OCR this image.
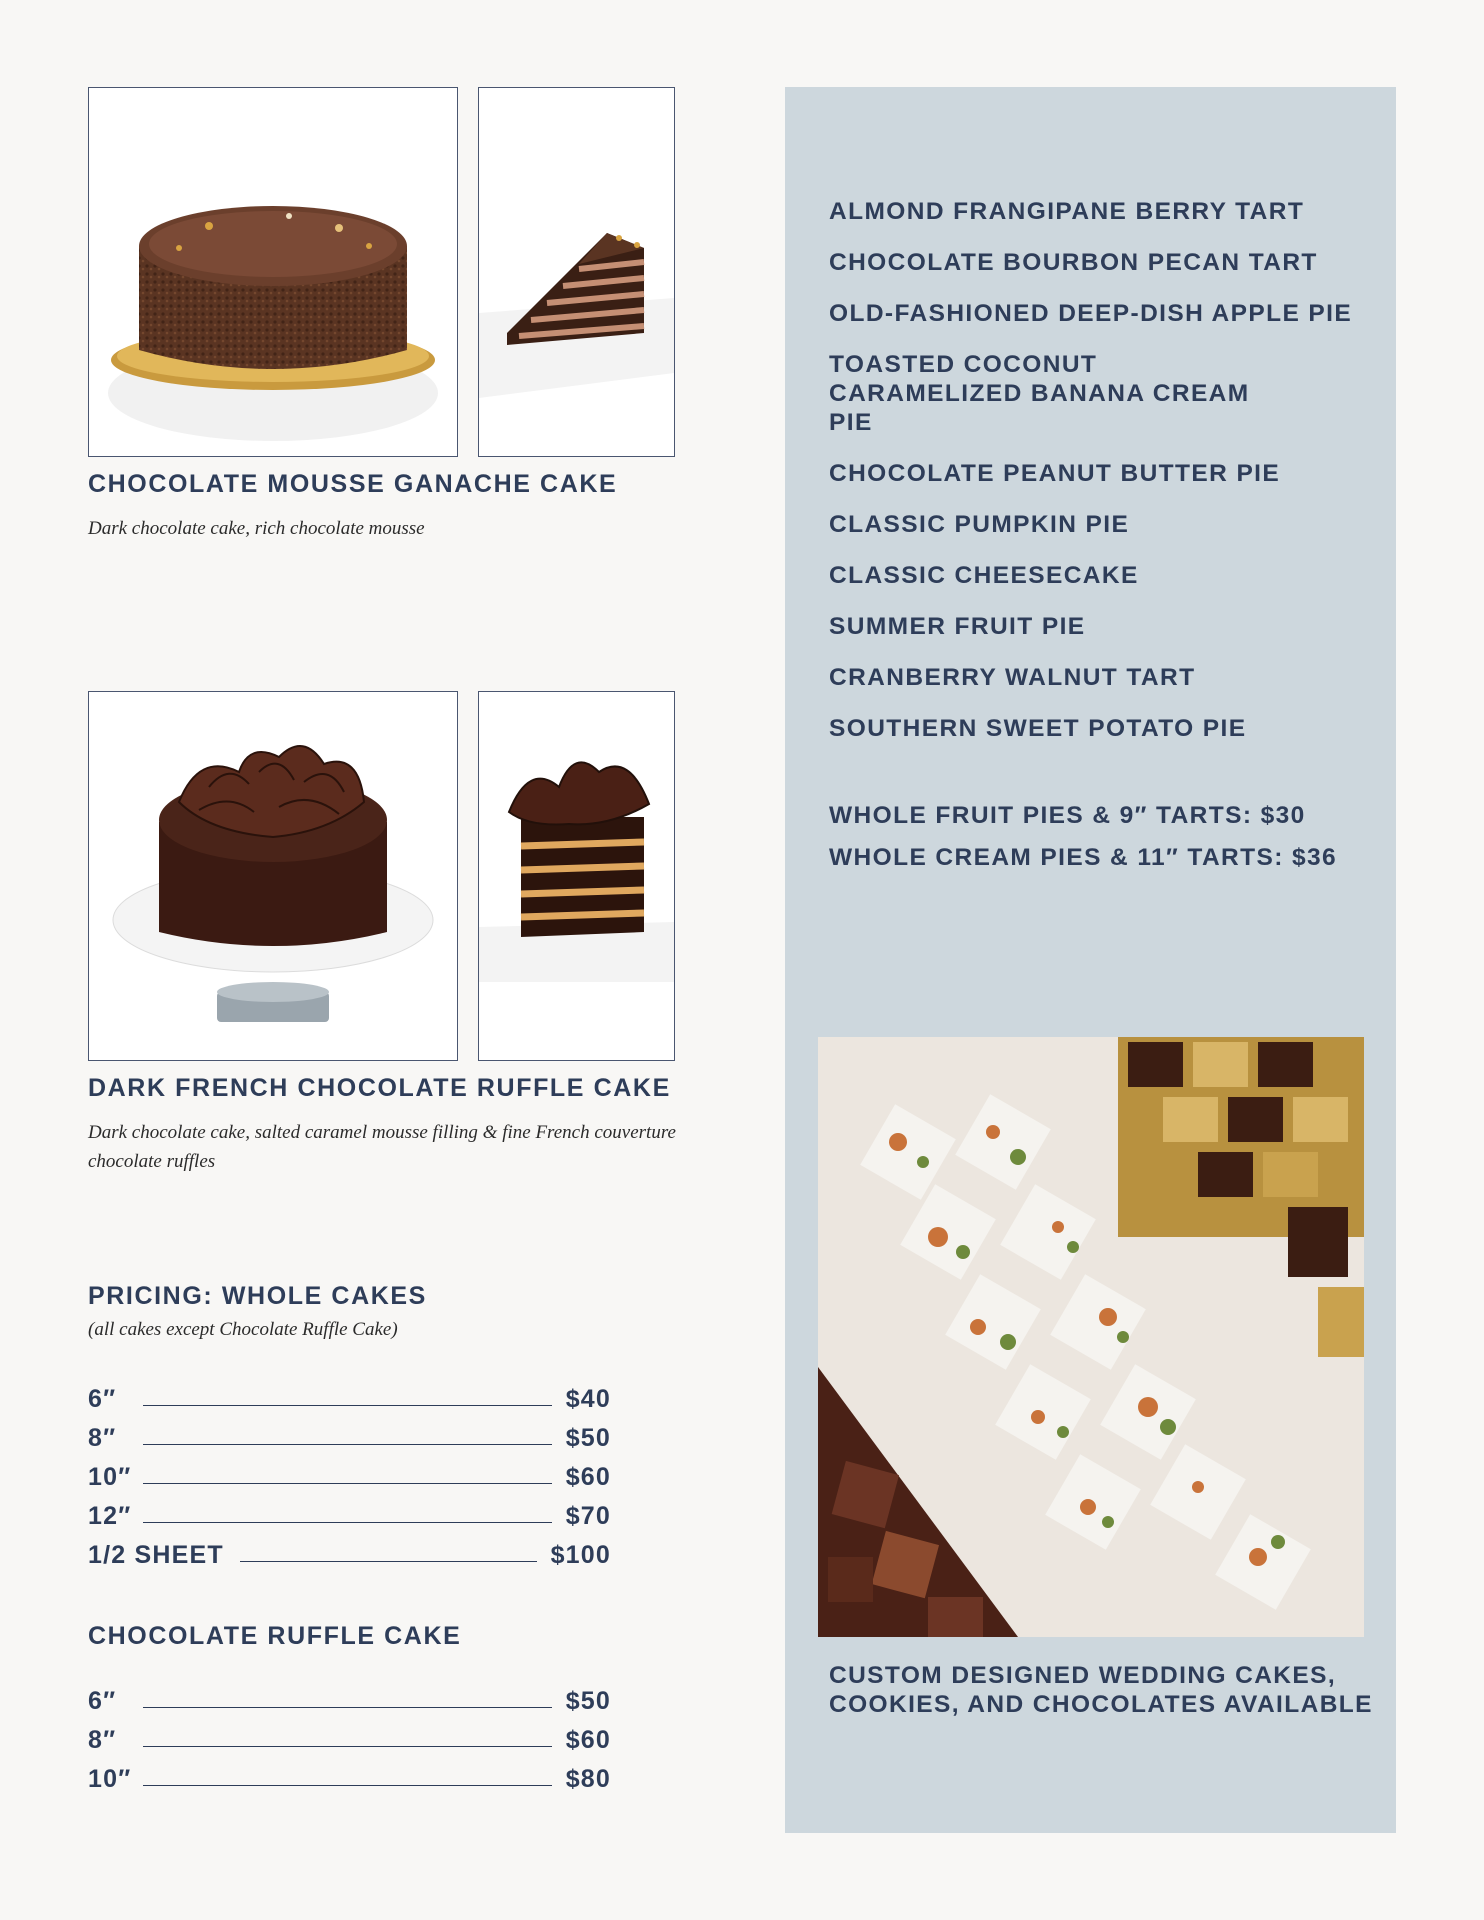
CHOCOLATE MOUSSE GANACHE CAKE
Dark chocolate cake, rich chocolate mousse
DARK FRENCH CHOCOLATE RUFFLE CAKE
Dark chocolate cake, salted caramel mousse filling & fine French couverture chocolate ruffles
PRICING: WHOLE CAKES
(all cakes except Chocolate Ruffle Cake)
6″	$40
8″	$50
10″	$60
12″	$70
1/2 SHEET	$100
CHOCOLATE RUFFLE CAKE
6″	$50
8″	$60
10″	$80
ALMOND FRANGIPANE BERRY TART
CHOCOLATE BOURBON PECAN TART
OLD-FASHIONED DEEP-DISH APPLE PIE
TOASTED COCONUT CARAMELIZED BANANA CREAM PIE
CHOCOLATE PEANUT BUTTER PIE
CLASSIC PUMPKIN PIE
CLASSIC CHEESECAKE
SUMMER FRUIT PIE
CRANBERRY WALNUT TART
SOUTHERN SWEET POTATO PIE
WHOLE FRUIT PIES & 9″ TARTS: $30
WHOLE CREAM PIES & 11″ TARTS: $36
CUSTOM DESIGNED WEDDING CAKES,
COOKIES, AND CHOCOLATES AVAILABLE
